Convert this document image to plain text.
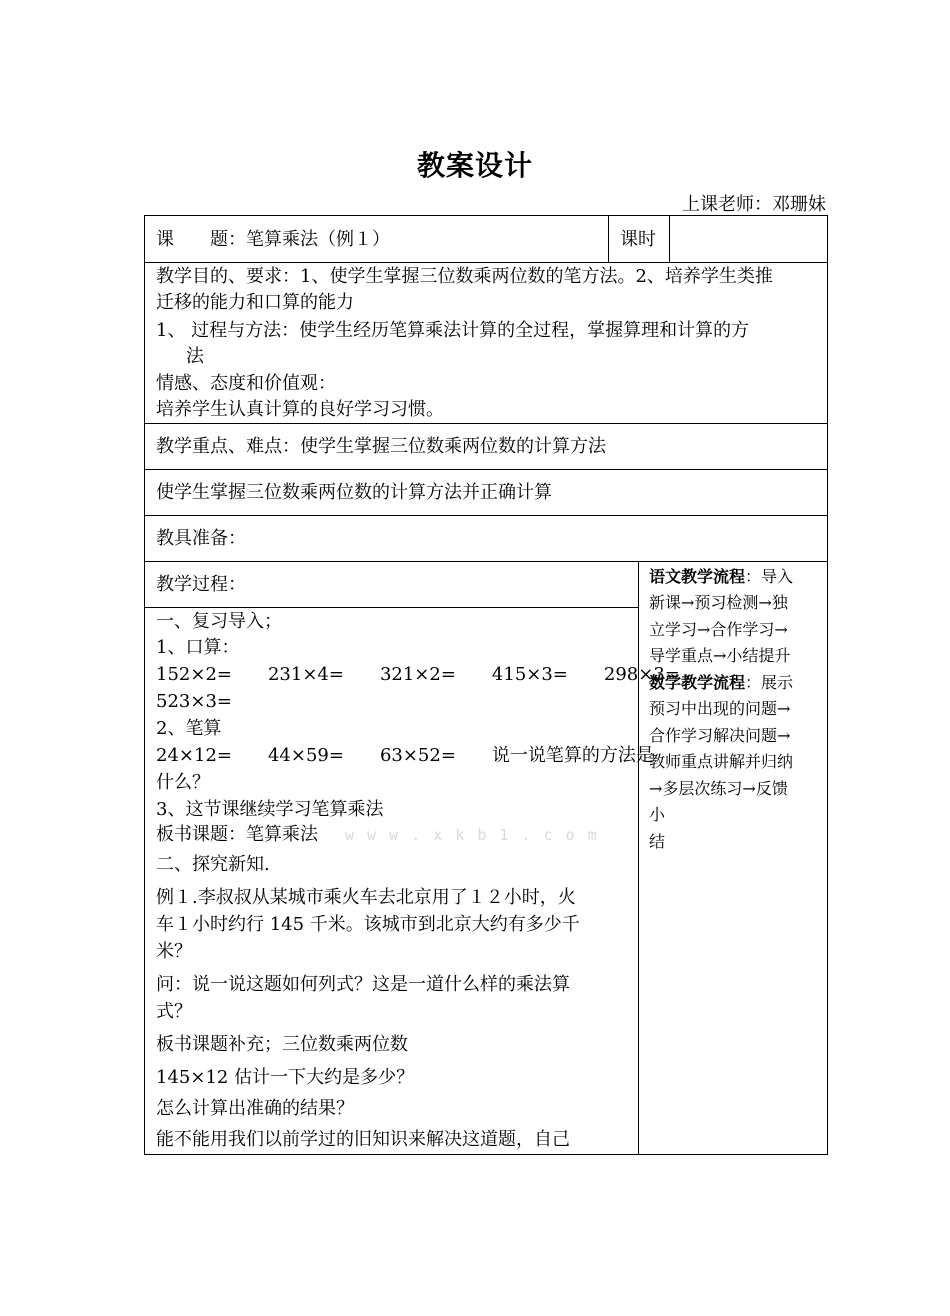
教案设计
上课老师：邓珊妹
课　　题：笔算乘法（例１）	课时
教学目的、要求：1、使学生掌握三位数乘两位数的笔方法。2、培养学生类推
迁移的能力和口算的能力
1、 过程与方法：使学生经历笔算乘法计算的全过程，掌握算理和计算的方
法
情感、态度和价值观：
培养学生认真计算的良好学习习惯。
教学重点、难点：使学生掌握三位数乘两位数的计算方法
使学生掌握三位数乘两位数的计算方法并正确计算
教具准备：
教学过程：
一、复习导入；
1、口算：
152×2=　　231×4=　　321×2=　　415×3=　　298×3=
523×3=
2、笔算
24×12=　　44×59=　　63×52=　　说一说笔算的方法是
什么？
3、这节课继续学习笔算乘法
板书课题：笔算乘法
二、探究新知.
例１.李叔叔从某城市乘火车去北京用了１２小时，火
车１小时约行 145 千米。该城市到北京大约有多少千
米？
问：说一说这题如何列式？这是一道什么样的乘法算
式？
板书课题补充；三位数乘两位数
145×12 估计一下大约是多少？
怎么计算出准确的结果？
能不能用我们以前学过的旧知识来解决这道题，自己
w w w . x k b 1 . c o m
语文教学流程：导入
新课→预习检测→独
立学习→合作学习→
导学重点→小结提升
数学教学流程：展示
预习中出现的问题→
合作学习解决问题→
教师重点讲解并归纳
→多层次练习→反馈
小
结
